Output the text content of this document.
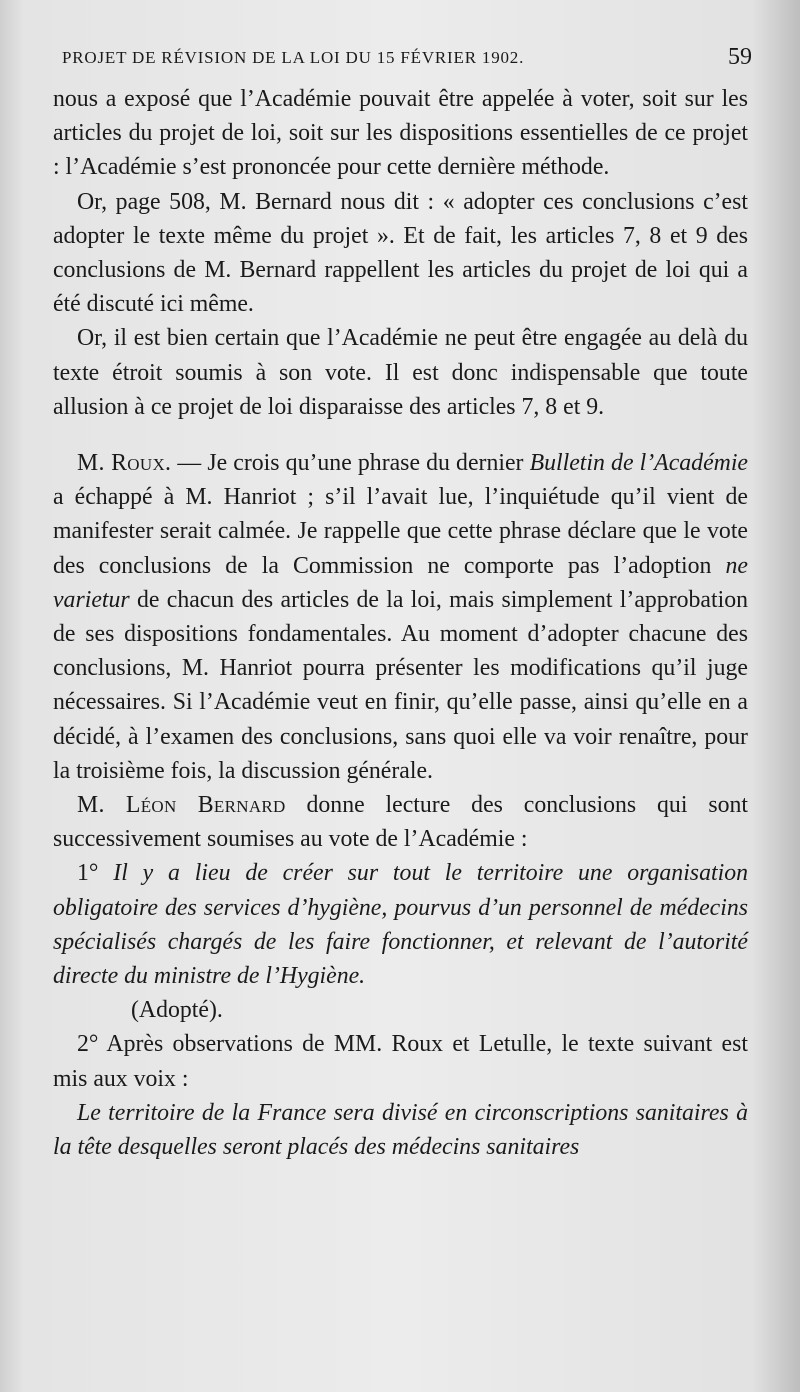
PROJET DE RÉVISION DE LA LOI DU 15 FÉVRIER 1902.	59

nous a exposé que l’Académie pouvait être appelée à voter, soit sur les articles du projet de loi, soit sur les dispositions essentielles de ce projet : l’Académie s’est prononcée pour cette dernière méthode.

Or, page 508, M. Bernard nous dit : « adopter ces conclusions c’est adopter le texte même du projet ». Et de fait, les articles 7, 8 et 9 des conclusions de M. Bernard rappellent les articles du projet de loi qui a été discuté ici même.

Or, il est bien certain que l’Académie ne peut être engagée au delà du texte étroit soumis à son vote. Il est donc indispensable que toute allusion à ce projet de loi disparaisse des articles 7, 8 et 9.

M. Roux. — Je crois qu’une phrase du dernier Bulletin de l’Académie a échappé à M. Hanriot ; s’il l’avait lue, l’inquiétude qu’il vient de manifester serait calmée. Je rappelle que cette phrase déclare que le vote des conclusions de la Commission ne comporte pas l’adoption ne varietur de chacun des articles de la loi, mais simplement l’approbation de ses dispositions fondamentales. Au moment d’adopter chacune des conclusions, M. Hanriot pourra présenter les modifications qu’il juge nécessaires. Si l’Académie veut en finir, qu’elle passe, ainsi qu’elle en a décidé, à l’examen des conclusions, sans quoi elle va voir renaître, pour la troisième fois, la discussion générale.

M. Léon Bernard donne lecture des conclusions qui sont successivement soumises au vote de l’Académie :

1° Il y a lieu de créer sur tout le territoire une organisation obligatoire des services d’hygiène, pourvus d’un personnel de médecins spécialisés chargés de les faire fonctionner, et relevant de l’autorité directe du ministre de l’Hygiène.

(Adopté).

2° Après observations de MM. Roux et Letulle, le texte suivant est mis aux voix :

Le territoire de la France sera divisé en circonscriptions sanitaires à la tête desquelles seront placés des médecins sanitaires
